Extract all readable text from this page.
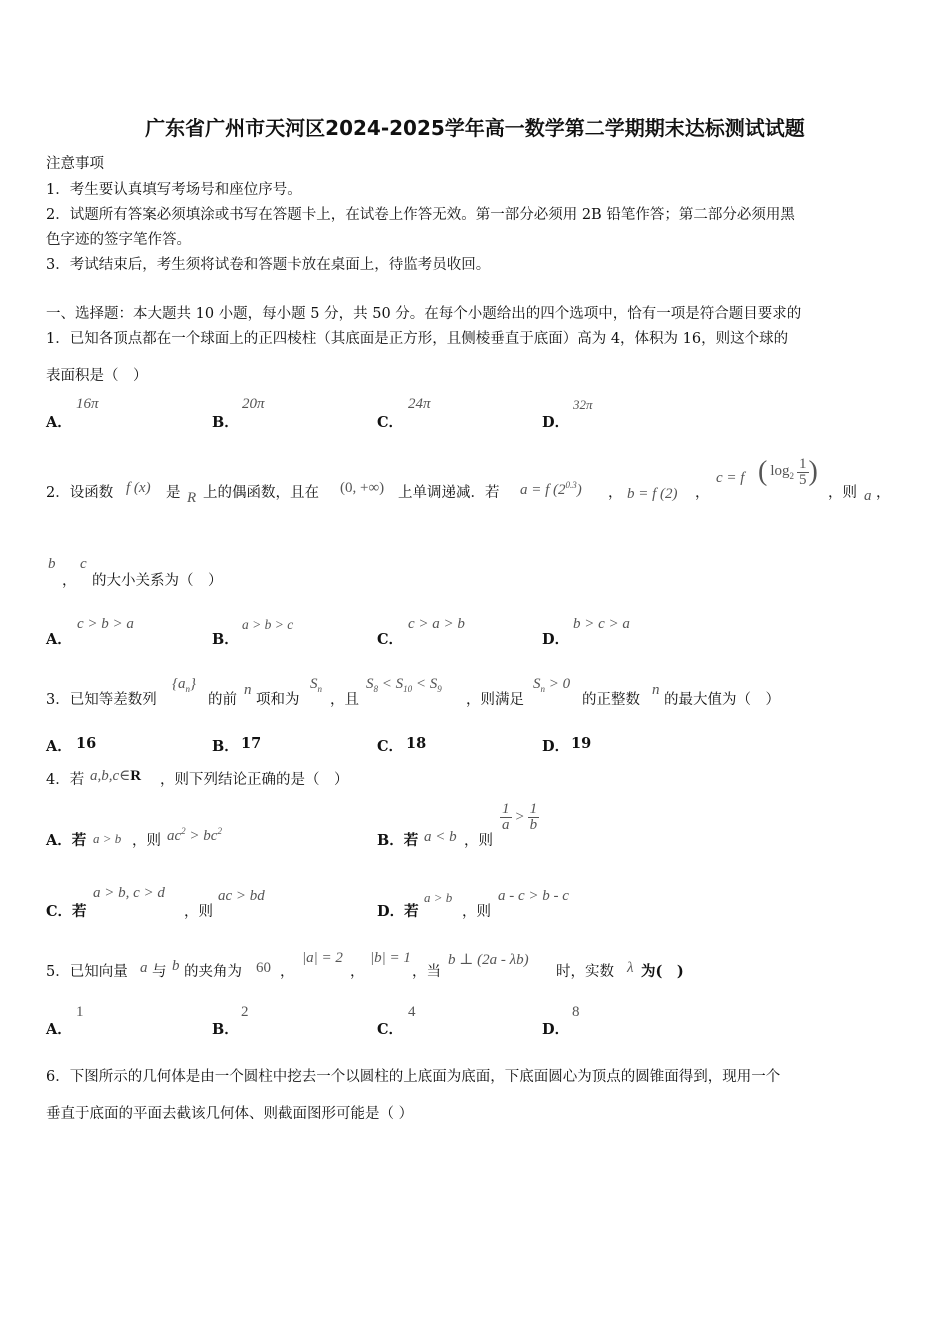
广东省广州市天河区2024-2025学年高一数学第二学期期末达标测试试题
注意事项
1．考生要认真填写考场号和座位序号。
2．试题所有答案必须填涂或书写在答题卡上，在试卷上作答无效。第一部分必须用 2B 铅笔作答；第二部分必须用黑
色字迹的签字笔作答。
3．考试结束后，考生须将试卷和答题卡放在桌面上，待监考员收回。
一、选择题：本大题共 10 小题，每小题 5 分，共 50 分。在每个小题给出的四个选项中，恰有一项是符合题目要求的
1．已知各顶点都在一个球面上的正四棱柱（其底面是正方形，且侧棱垂直于底面）高为 4，体积为 16，则这个球的
表面积是（　）
A．
16π
B．
20π
C．
24π
D．
32π
2．设函数 f (x) 是 R 上的偶函数，且在 (0, +∞) 上单调递减．若 a = f $(2^{0.3})$ ， b = f (2) ，
c = f ( $\log_2 \frac{1}{5}$ )
，则 a ，
b
，
c
的大小关系为（　）
A．
c > b > a
B．
a > b > c
C．
c > a > b
D．
b > c > a
3．已知等差数列
$\{a_n\}$
的前
n
项和为
$S_n$
，且
$S_8 < S_{10} < S_9$
，则满足
$S_n > 0$
的正整数
n
的最大值为（　）
A． 16	B． 17	C． 18	D． 19
4．若 a,b,c∈R ，则下列结论正确的是（　）
A．若 a > b ，则 $ac^2 > bc^2$
B．若 a < b ，则
$\frac{1}{a} > \frac{1}{b}$
C．若
a > b, c > d
，则
ac > bd
D．若
a > b
，则
a - c > b - c
5．已知向量 a 与 b 的夹角为 60 ，
|a| = 2
，
|b| = 1
，当
b ⊥ (2a - λb)
时，实数 λ 为(　)
A．
1
B．
2
C．
4
D．
8
6．下图所示的几何体是由一个圆柱中挖去一个以圆柱的上底面为底面，下底面圆心为顶点的圆锥面得到，现用一个
垂直于底面的平面去截该几何体、则截面图形可能是（ ）
